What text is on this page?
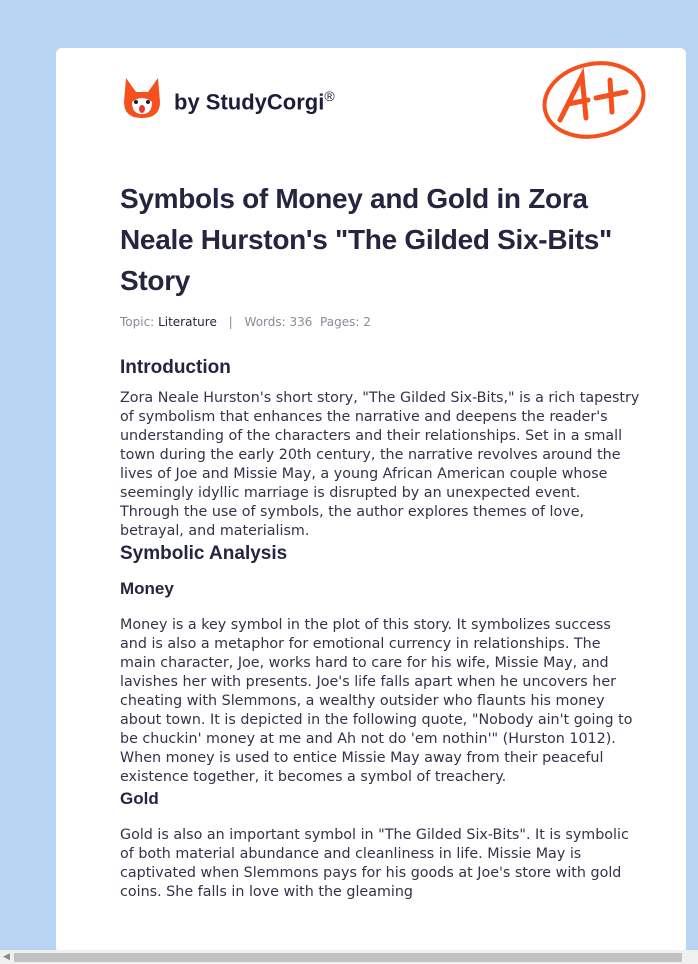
by StudyCorgi®
Symbols of Money and Gold in Zora Neale Hurston's "The Gilded Six-Bits" Story
Topic: Literature | Words: 336 Pages: 2
Introduction

Zora Neale Hurston's short story, "The Gilded Six-Bits," is a rich tapestry of symbolism that enhances the narrative and deepens the reader's understanding of the characters and their relationships. Set in a small town during the early 20th century, the narrative revolves around the lives of Joe and Missie May, a young African American couple whose seemingly idyllic marriage is disrupted by an unexpected event. Through the use of symbols, the author explores themes of love, betrayal, and materialism.

Symbolic Analysis
Money

Money is a key symbol in the plot of this story. It symbolizes success and is also a metaphor for emotional currency in relationships. The main character, Joe, works hard to care for his wife, Missie May, and lavishes her with presents. Joe's life falls apart when he uncovers her cheating with Slemmons, a wealthy outsider who flaunts his money about town. It is depicted in the following quote, "Nobody ain't going to be chuckin' money at me and Ah not do 'em nothin'" (Hurston 1012). When money is used to entice Missie May away from their peaceful existence together, it becomes a symbol of treachery.

Gold

Gold is also an important symbol in "The Gilded Six-Bits". It is symbolic of both material abundance and cleanliness in life. Missie May is captivated when Slemmons pays for his goods at Joe's store with gold coins. She falls in love with the gleaming

◀
